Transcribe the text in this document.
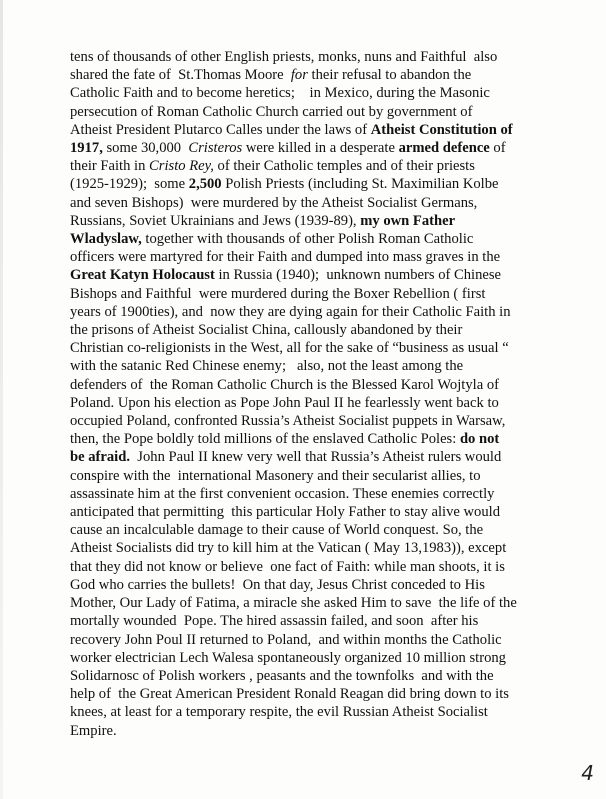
tens of thousands of other English priests, monks, nuns and Faithful  also
shared the fate of  St.Thomas Moore  for their refusal to abandon the
Catholic Faith and to become heretics;    in Mexico, during the Masonic
persecution of Roman Catholic Church carried out by government of
Atheist President Plutarco Calles under the laws of Atheist Constitution of
1917, some 30,000  Cristeros were killed in a desperate armed defence of
their Faith in Cristo Rey, of their Catholic temples and of their priests
(1925-1929);  some 2,500 Polish Priests (including St. Maximilian Kolbe
and seven Bishops)  were murdered by the Atheist Socialist Germans,
Russians, Soviet Ukrainians and Jews (1939-89), my own Father
Wladyslaw, together with thousands of other Polish Roman Catholic
officers were martyred for their Faith and dumped into mass graves in the
Great Katyn Holocaust in Russia (1940);  unknown numbers of Chinese
Bishops and Faithful  were murdered during the Boxer Rebellion ( first
years of 1900ties), and  now they are dying again for their Catholic Faith in
the prisons of Atheist Socialist China, callously abandoned by their
Christian co-religionists in the West, all for the sake of “business as usual “
with the satanic Red Chinese enemy;   also, not the least among the
defenders of  the Roman Catholic Church is the Blessed Karol Wojtyla of
Poland. Upon his election as Pope John Paul II he fearlessly went back to
occupied Poland, confronted Russia’s Atheist Socialist puppets in Warsaw,
then, the Pope boldly told millions of the enslaved Catholic Poles: do not
be afraid.  John Paul II knew very well that Russia’s Atheist rulers would
conspire with the  international Masonery and their secularist allies, to
assassinate him at the first convenient occasion. These enemies correctly
anticipated that permitting  this particular Holy Father to stay alive would
cause an incalculable damage to their cause of World conquest. So, the
Atheist Socialists did try to kill him at the Vatican ( May 13,1983)), except
that they did not know or believe  one fact of Faith: while man shoots, it is
God who carries the bullets!  On that day, Jesus Christ conceded to His
Mother, Our Lady of Fatima, a miracle she asked Him to save  the life of the
mortally wounded  Pope. The hired assassin failed, and soon  after his
recovery John Poul II returned to Poland,  and within months the Catholic
worker electrician Lech Walesa spontaneously organized 10 million strong
Solidarnosc of Polish workers , peasants and the townfolks  and with the
help of  the Great American President Ronald Reagan did bring down to its
knees, at least for a temporary respite, the evil Russian Atheist Socialist
Empire.
4
